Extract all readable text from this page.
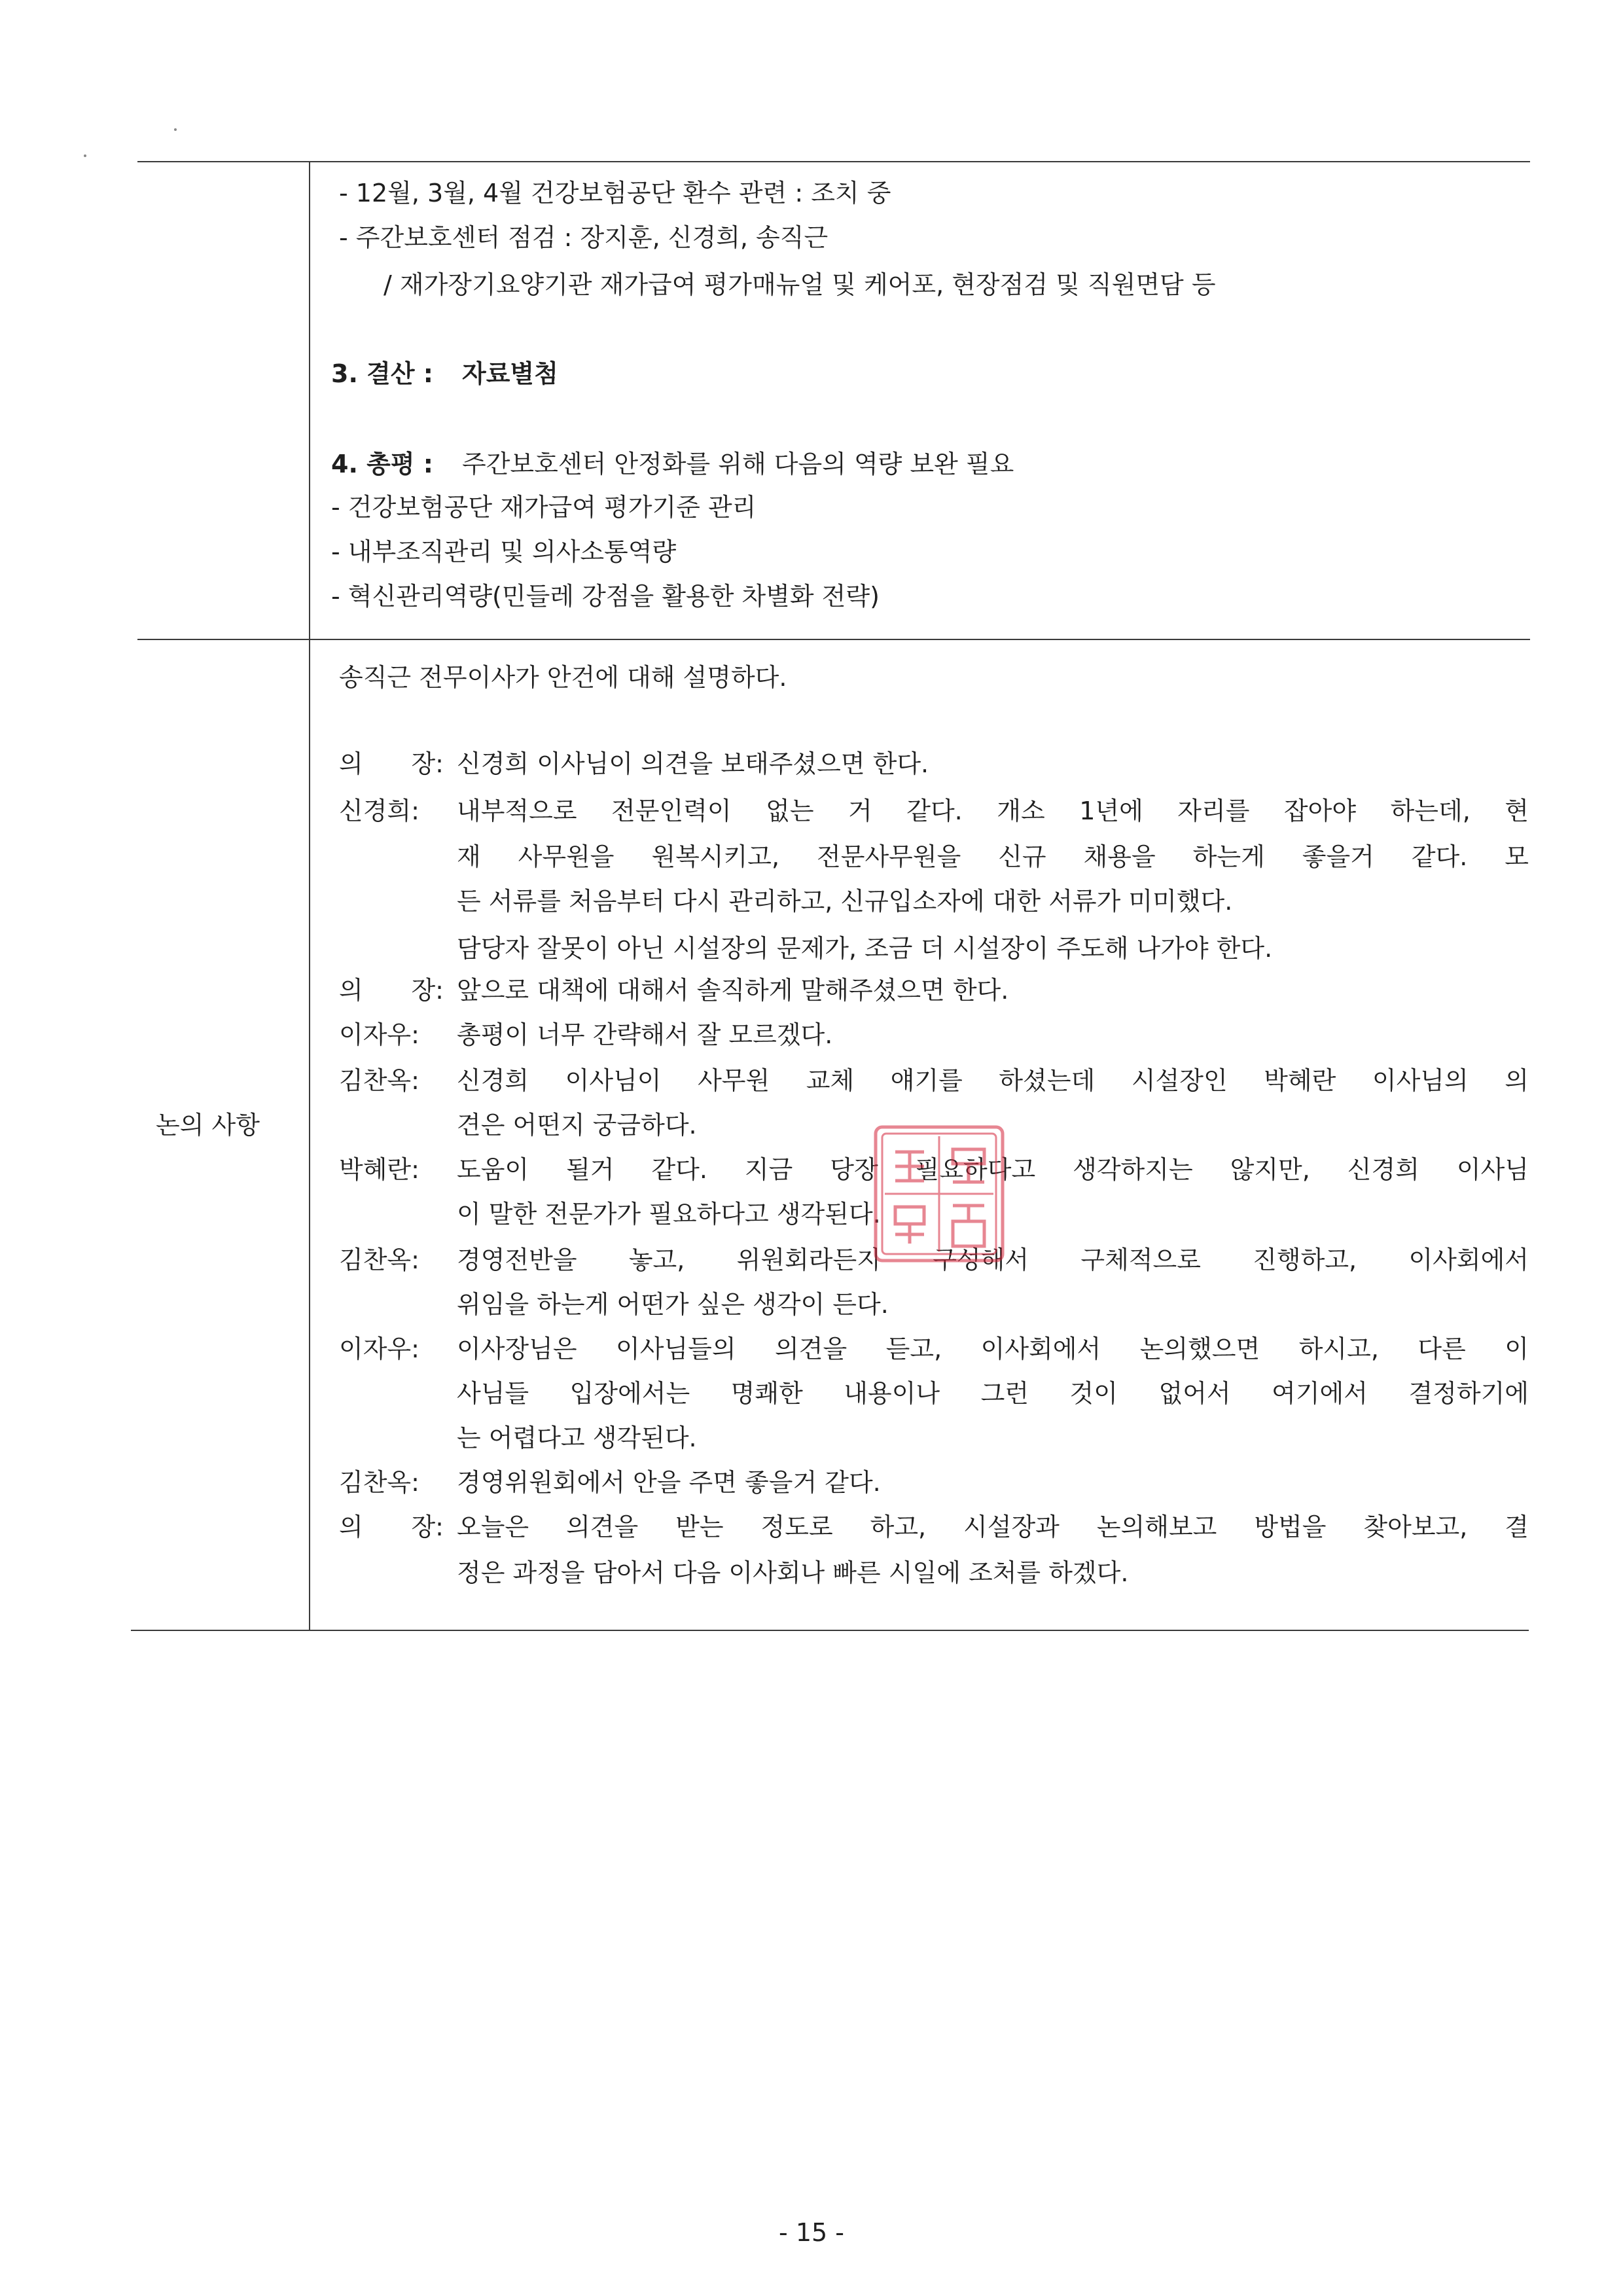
- 12월, 3월, 4월 건강보험공단 환수 관련 : 조치 중
- 주간보호센터 점검 : 장지훈, 신경희, 송직근
/ 재가장기요양기관 재가급여 평가매뉴얼 및 케어포, 현장점검 및 직원면담 등
3. 결산 : 자료별첨
4. 총평 : 주간보호센터 안정화를 위해 다음의 역량 보완 필요
- 건강보험공단 재가급여 평가기준 관리
- 내부조직관리 및 의사소통역량
- 혁신관리역량(민들레 강점을 활용한 차별화 전략)
논의 사항
송직근 전무이사가 안건에 대해 설명하다.
의 장: 신경희 이사님이 의견을 보태주셨으면 한다.
신경희: 내부적으로 전문인력이 없는 거 같다. 개소 1년에 자리를 잡아야 하는데, 현
재 사무원을 원복시키고, 전문사무원을 신규 채용을 하는게 좋을거 같다. 모
든 서류를 처음부터 다시 관리하고, 신규입소자에 대한 서류가 미미했다.
담당자 잘못이 아닌 시설장의 문제가, 조금 더 시설장이 주도해 나가야 한다.
의 장: 앞으로 대책에 대해서 솔직하게 말해주셨으면 한다.
이자우: 총평이 너무 간략해서 잘 모르겠다.
김찬옥: 신경희 이사님이 사무원 교체 얘기를 하셨는데 시설장인 박혜란 이사님의 의
견은 어떤지 궁금하다.
박혜란: 도움이 될거 같다. 지금 당장 필요하다고 생각하지는 않지만, 신경희 이사님
이 말한 전문가가 필요하다고 생각된다.
김찬옥: 경영전반을 놓고, 위원회라든지 구성해서 구체적으로 진행하고, 이사회에서
위임을 하는게 어떤가 싶은 생각이 든다.
이자우: 이사장님은 이사님들의 의견을 듣고, 이사회에서 논의했으면 하시고, 다른 이
사님들 입장에서는 명쾌한 내용이나 그런 것이 없어서 여기에서 결정하기에
는 어렵다고 생각된다.
김찬옥: 경영위원회에서 안을 주면 좋을거 같다.
의 장: 오늘은 의견을 받는 정도로 하고, 시설장과 논의해보고 방법을 찾아보고, 결
정은 과정을 담아서 다음 이사회나 빠른 시일에 조처를 하겠다.
- 15 -
